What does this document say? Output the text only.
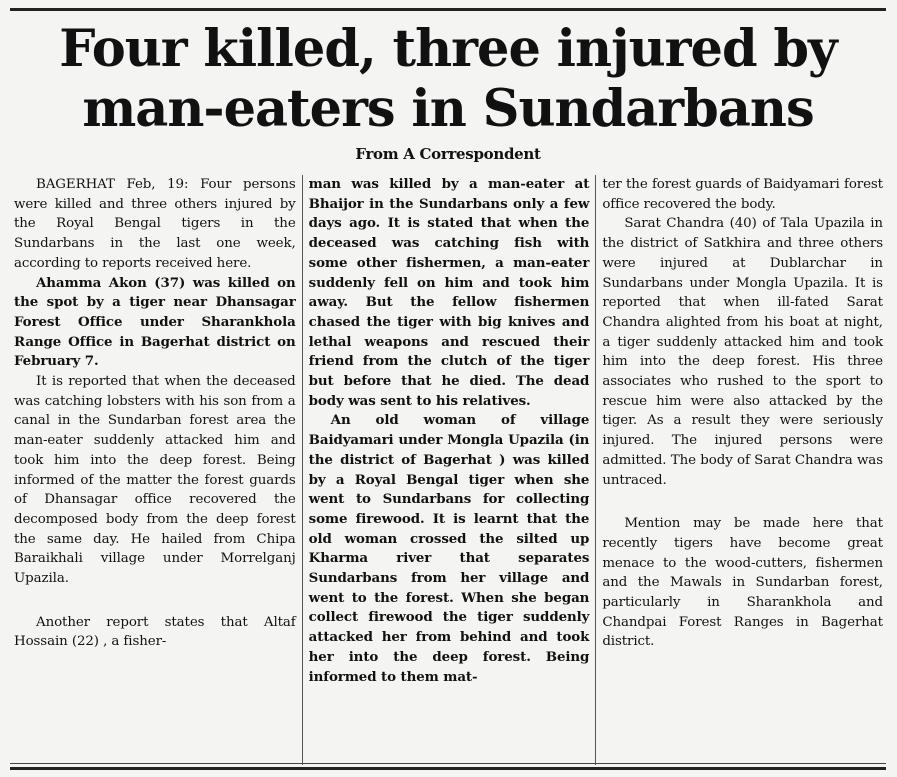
Four killed, three injured by
man-eaters in Sundarbans
From A Correspondent

BAGERHAT Feb, 19: Four persons were killed and three others injured by the Royal Bengal tigers in the Sundarbans in the last one week, according to reports received here.

Ahamma Akon (37) was killed on the spot by a tiger near Dhansagar Forest Office under Sharankhola Range Office in Bagerhat district on February 7.

It is reported that when the deceased was catching lobsters with his son from a canal in the Sundarban forest area the man-eater suddenly attacked him and took him into the deep forest. Being informed of the matter the forest guards of Dhansagar office recovered the decomposed body from the deep forest the same day. He hailed from Chipa Baraikhali village under Morrelganj Upazila.

Another report states that Altaf Hossain (22) , a fisher-

man was killed by a man-eater at Bhaijor in the Sundarbans only a few days ago. It is stated that when the deceased was catching fish with some other fishermen, a man-eater suddenly fell on him and took him away. But the fellow fishermen chased the tiger with big knives and lethal weapons and rescued their friend from the clutch of the tiger but before that he died. The dead body was sent to his relatives.

An old woman of village Baidyamari under Mongla Upazila (in the district of Bagerhat ) was killed by a Royal Bengal tiger when she went to Sundarbans for collecting some firewood. It is learnt that the old woman crossed the silted up Kharma river that separates Sundarbans from her village and went to the forest. When she began collect firewood the tiger suddenly attacked her from behind and took her into the deep forest. Being informed to them mat-

ter the forest guards of Baidyamari forest office recovered the body.

Sarat Chandra (40) of Tala Upazila in the district of Satkhira and three others were injured at Dublarchar in Sundarbans under Mongla Upazila. It is reported that when ill-fated Sarat Chandra alighted from his boat at night, a tiger suddenly attacked him and took him into the deep forest. His three associates who rushed to the sport to rescue him were also attacked by the tiger. As a result they were seriously injured. The injured persons were admitted. The body of Sarat Chandra was untraced.

Mention may be made here that recently tigers have become great menace to the wood-cutters, fishermen and the Mawals in Sundarban forest, particularly in Sharankhola and Chandpai Forest Ranges in Bagerhat district.
